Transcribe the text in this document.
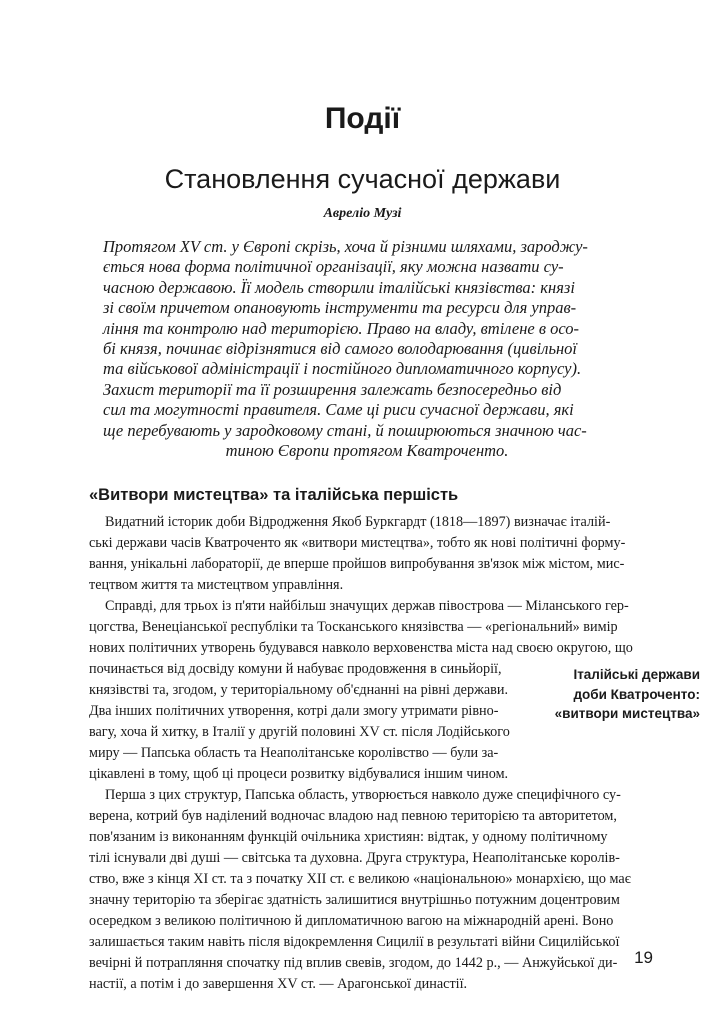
Події
Становлення сучасної держави
Авреліо Музі
Протягом XV ст. у Європі скрізь, хоча й різними шляхами, зароджу-
ється нова форма політичної організації, яку можна назвати су-
часною державою. Її модель створили італійські князівства: князі
зі своїм причетом опановують інструменти та ресурси для управ-
ління та контролю над територією. Право на владу, втілене в осо-
бі князя, починає відрізнятися від самого володарювання (цивільної
та військової адміністрації і постійного дипломатичного корпусу).
Захист території та її розширення залежать безпосередньо від
сил та могутності правителя. Саме ці риси сучасної держави, які
ще перебувають у зародковому стані, й поширюються значною час-
тиною Європи протягом Кватроченто.
«Витвори мистецтва» та італійська першість
Видатний історик доби Відродження Якоб Буркгардт (1818—1897) визначає італій-
ські держави часів Кватроченто як «витвори мистецтва», тобто як нові політичні форму-
вання, унікальні лабораторії, де вперше пройшов випробування зв'язок між містом, мис-
тецтвом життя та мистецтвом управління.
Справді, для трьох із п'яти найбільш значущих держав півострова — Міланського гер-
цогства, Венеціанської республіки та Тосканського князівства — «регіональний» вимір
нових політичних утворень будувався навколо верховенства міста над своєю округою, що
починається від досвіду комуни й набуває продовження в синьйорії,
князівстві та, згодом, у територіальному об'єднанні на рівні держави.
Два інших політичних утворення, котрі дали змогу утримати рівно-
вагу, хоча й хитку, в Італії у другій половині XV ст. після Лодійського
миру — Папська область та Неаполітанське королівство — були за-
цікавлені в тому, щоб ці процеси розвитку відбувалися іншим чином.
Перша з цих структур, Папська область, утворюється навколо дуже специфічного су-
верена, котрий був наділений водночас владою над певною територією та авторитетом,
пов'язаним із виконанням функцій очільника християн: відтак, у одному політичному
тілі існували дві душі — світська та духовна. Друга структура, Неаполітанське королів-
ство, вже з кінця XI ст. та з початку XII ст. є великою «національною» монархією, що має
значну територію та зберігає здатність залишитися внутрішньо потужним доцентровим
осередком з великою політичною й дипломатичною вагою на міжнародній арені. Воно
залишається таким навіть після відокремлення Сицилії в результаті війни Сицилійської
вечірні й потрапляння спочатку під вплив свевів, згодом, до 1442 р., — Анжуйської ди-
настії, а потім і до завершення XV ст. — Арагонської династії.
Італійські держави
доби Кватроченто:
«витвори мистецтва»
19
